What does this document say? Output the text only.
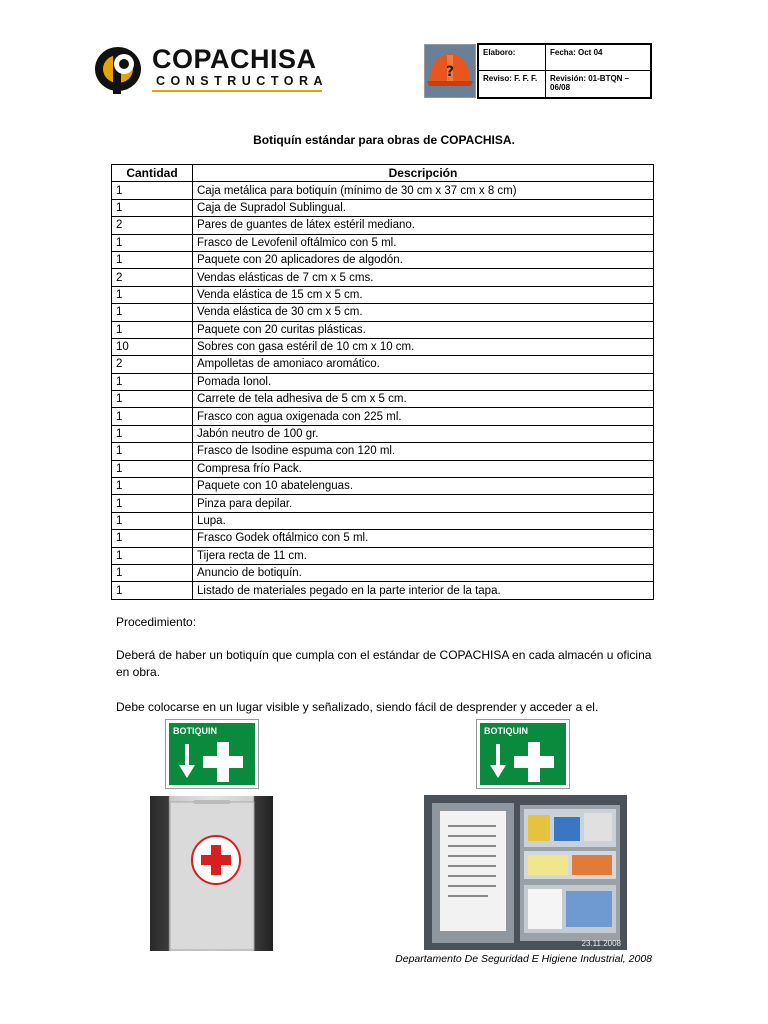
COPACHISA
CONSTRUCTORA
?
Elaboro:	Fecha: Oct 04
Reviso: F. F. F.	Revisión: 01-BTQN – 06/08
Botiquín estándar para obras de COPACHISA.
Cantidad	Descripción
1	Caja metálica para botiquín (mínimo de 30 cm x 37 cm x 8 cm)
1	Caja de Supradol Sublingual.
2	Pares de guantes de látex estéril mediano.
1	Frasco de Levofenil oftálmico con 5 ml.
1	Paquete con 20 aplicadores de algodón.
2	Vendas elásticas de 7 cm x 5 cms.
1	Venda elástica de 15 cm x 5 cm.
1	Venda elástica de 30 cm x 5 cm.
1	Paquete con 20 curitas plásticas.
10	Sobres con gasa estéril de 10 cm x 10 cm.
2	Ampolletas de amoniaco aromático.
1	Pomada Ionol.
1	Carrete de tela adhesiva de 5 cm x 5 cm.
1	Frasco con agua oxigenada con 225 ml.
1	Jabón neutro de 100 gr.
1	Frasco de Isodine espuma con 120 ml.
1	Compresa frío Pack.
1	Paquete con 10 abatelenguas.
1	Pinza para depilar.
1	Lupa.
1	Frasco Godek oftálmico con 5 ml.
1	Tijera recta de 11 cm.
1	Anuncio de botiquín.
1	Listado de materiales pegado en la parte interior de la tapa.
Procedimiento:
Deberá de haber un botiquín que cumpla con el estándar de COPACHISA en cada almacén u oficina en obra.
Debe colocarse en un lugar visible y señalizado, siendo fácil de desprender y acceder a el.
BOTIQUIN	BOTIQUIN
23.11.2008
Departamento De Seguridad E Higiene Industrial, 2008
